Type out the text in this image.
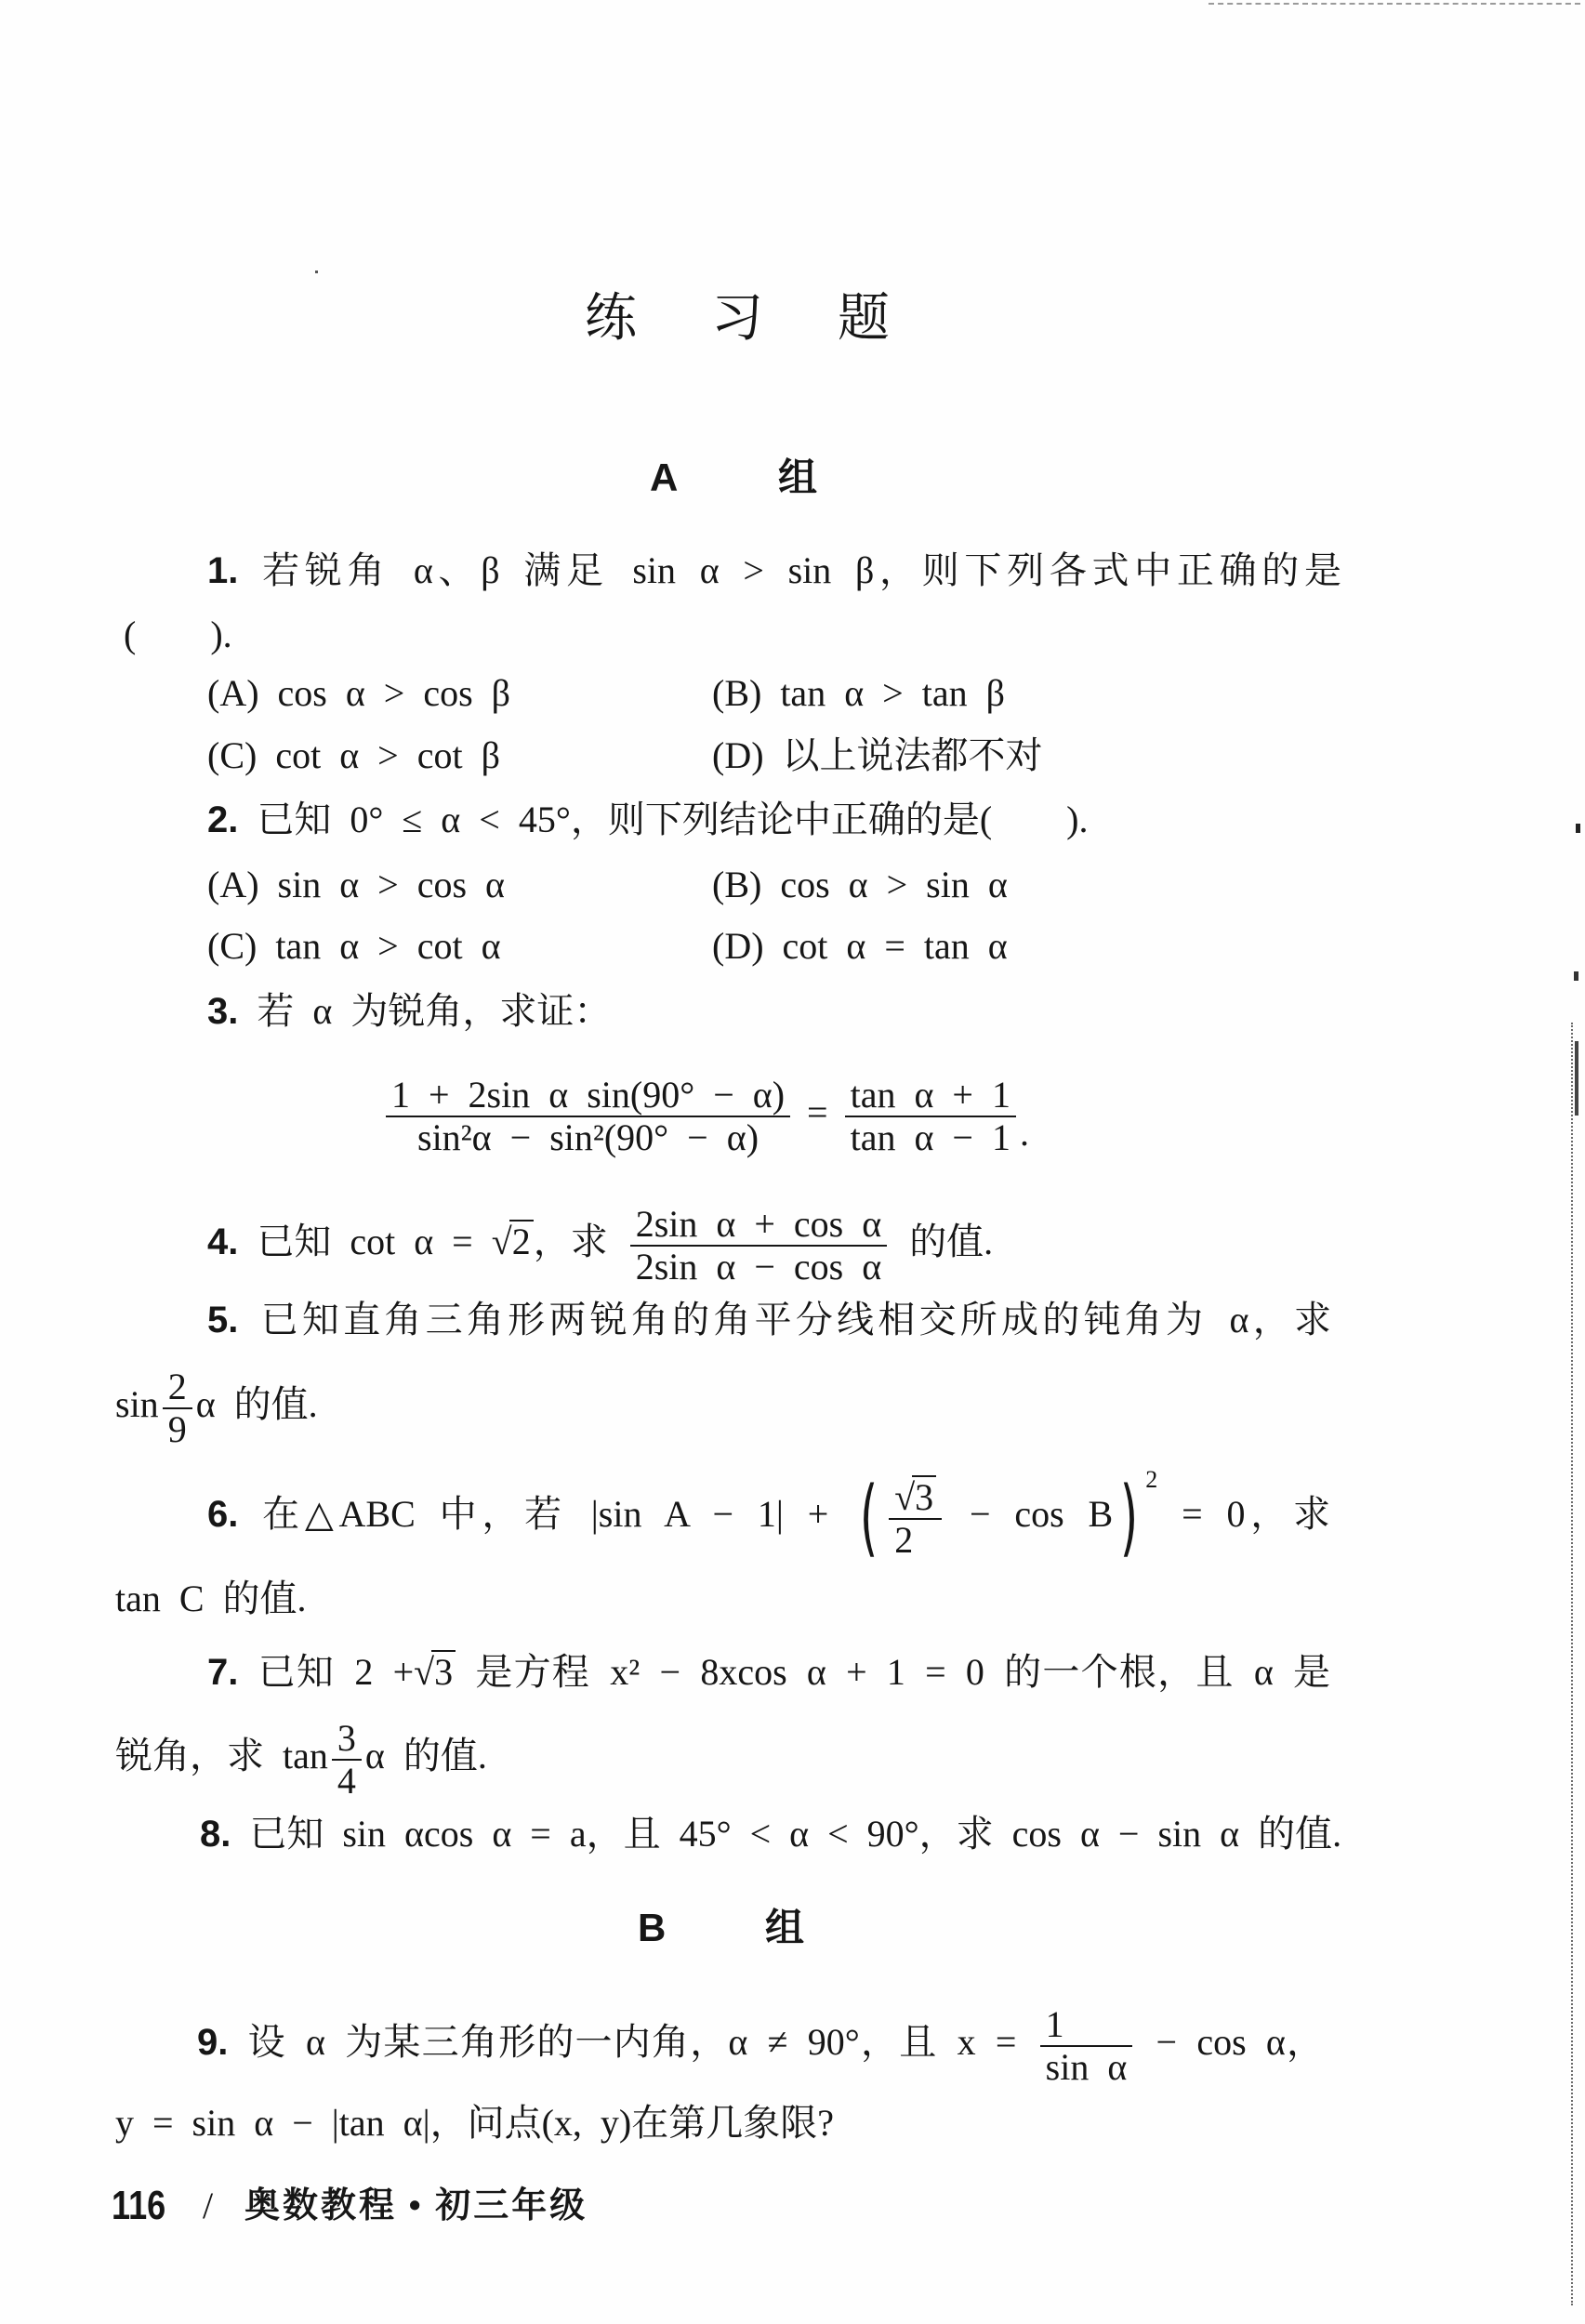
练习题
A	组
1. 若锐角 α、β 满足 sin α > sin β，则下列各式中正确的是
(　　).
(A) cos α > cos β	(B) tan α > tan β
(C) cot α > cot β	(D) 以上说法都不对
2. 已知 0° ≤ α < 45°，则下列结论中正确的是(　　).
(A) sin α > cos α	(B) cos α > sin α
(C) tan α > cot α	(D) cot α = tan α
3. 若 α 为锐角，求证：
$\frac{\text{1 + 2sin α sin(90° − α)}}{\text{sin²α − sin²(90° − α)}} = \frac{\text{tan α + 1}}{\text{tan α − 1}}$ .
4. 已知 cot α = √2，求 $\frac{\text{2sin α + cos α}}{\text{2sin α − cos α}}$ 的值.
5. 已知直角三角形两锐角的角平分线相交所成的钝角为 α，求
$\sin \frac{2}{9}$ α 的值.
6. 在△ABC 中，若 |sin A − 1| + ( $\frac{√3}{2} - \cos B$) $^2$ = 0，求
tan C 的值.
7. 已知 2 +√3 是方程 x² − 8xcos α + 1 = 0 的一个根，且 α 是
锐角，求 $\tan \frac{3}{4}$ α 的值.
8. 已知 sin αcos α = a，且 45° < α < 90°，求 cos α − sin α 的值.
B	组
9. 设 α 为某三角形的一内角，α ≠ 90°，且 $x = \frac{1}{\text{sin α}} - \cos \alpha$，
y = sin α − |tan α|，问点(x, y)在第几象限?
116 / 奥数教程 • 初三年级
